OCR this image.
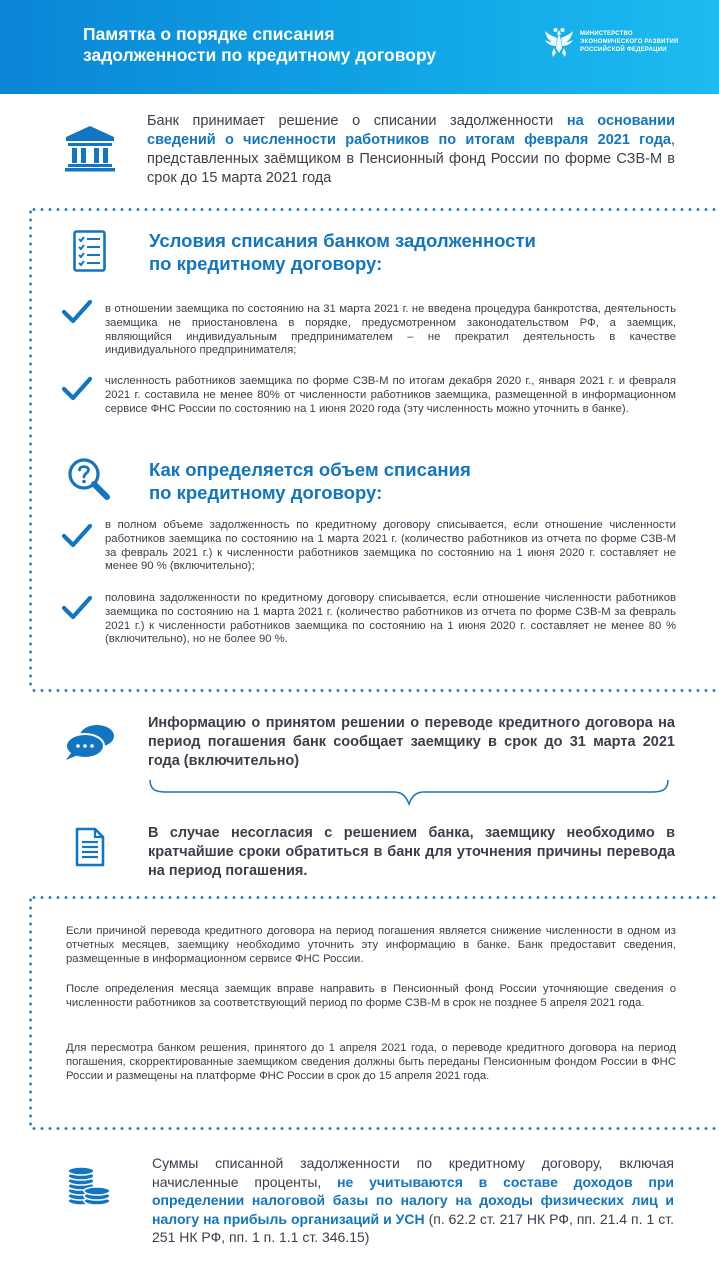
Памятка о порядке списания
задолженности по кредитному договору
МИНИСТЕРСТВО
ЭКОНОМИЧЕСКОГО РАЗВИТИЯ
РОССИЙСКОЙ ФЕДЕРАЦИИ
Банк принимает решение о списании задолженности на основании сведений о численности работников по итогам февраля 2021 года, представленных заёмщиком в Пенсионный фонд России по форме СЗВ-М в срок до 15 марта 2021 года
Условия списания банком задолженности
по кредитному договору:
в отношении заемщика по состоянию на 31 марта 2021 г. не введена процедура банкротства, деятельность заемщика не приостановлена в порядке, предусмотренном законодательством РФ, а заемщик, являющийся индивидуальным предпринимателем – не прекратил деятельность в качестве индивидуального предпринимателя;
численность работников заемщика по форме СЗВ-М по итогам декабря 2020 г., января 2021 г. и февраля 2021 г. составила не менее 80% от численности работников заемщика, размещенной в информационном сервисе ФНС России по состоянию на 1 июня 2020 года (эту численность можно уточнить в банке).
Как определяется объем списания
по кредитному договору:
в полном объеме задолженность по кредитному договору списывается, если отношение численности работников заемщика по состоянию на 1 марта 2021 г. (количество работников из отчета по форме СЗВ-М за февраль 2021 г.) к численности работников заемщика по состоянию на 1 июня 2020 г. составляет не менее 90 % (включительно);
половина задолженности по кредитному договору списывается, если отношение численности работников заемщика по состоянию на 1 марта 2021 г. (количество работников из отчета по форме СЗВ-М за февраль 2021 г.) к численности работников заемщика по состоянию на 1 июня 2020 г. составляет не менее 80 % (включительно), но не более 90 %.
Информацию о принятом решении о переводе кредитного договора на период погашения банк сообщает заемщику в срок до 31 марта 2021 года (включительно)
В случае несогласия с решением банка, заемщику необходимо в кратчайшие сроки обратиться в банк для уточнения причины перевода на период погашения.
Если причиной перевода кредитного договора на период погашения является снижение численности в одном из отчетных месяцев, заемщику необходимо уточнить эту информацию в банке. Банк предоставит сведения, размещенные в информационном сервисе ФНС России.
После определения месяца заемщик вправе направить в Пенсионный фонд России уточняющие сведения о численности работников за соответствующий период по форме СЗВ-М в срок не позднее 5 апреля 2021 года.
Для пересмотра банком решения, принятого до 1 апреля 2021 года, о переводе кредитного договора на период погашения, скорректированные заемщиком сведения должны быть переданы Пенсионным фондом России в ФНС России и размещены на платформе ФНС России в срок до 15 апреля 2021 года.
Суммы списанной задолженности по кредитному договору, включая начисленные проценты, не учитываются в составе доходов при определении налоговой базы по налогу на доходы физических лиц и налогу на прибыль организаций и УСН (п. 62.2 ст. 217 НК РФ, пп. 21.4 п. 1 ст. 251 НК РФ, пп. 1 п. 1.1 ст. 346.15)
